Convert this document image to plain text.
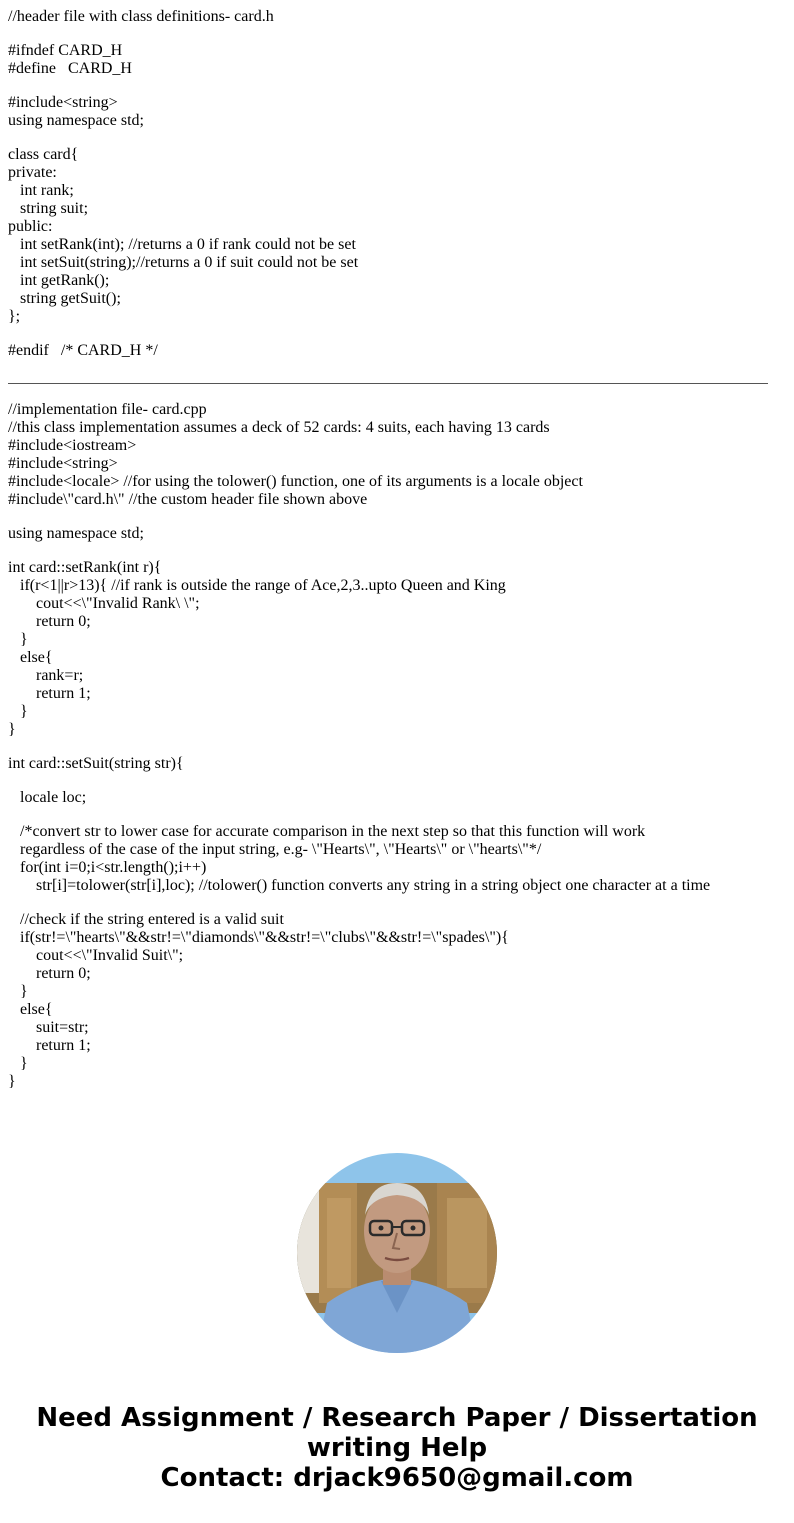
//header file with class definitions- card.h
#ifndef CARD_H
#define   CARD_H
#include<string>
using namespace std;
class card{
private:
int rank;
string suit;
public:
int setRank(int); //returns a 0 if rank could not be set
int setSuit(string);//returns a 0 if suit could not be set
int getRank();
string getSuit();
};
#endif   /* CARD_H */
//implementation file- card.cpp
//this class implementation assumes a deck of 52 cards: 4 suits, each having 13 cards
#include<iostream>
#include<string>
#include<locale> //for using the tolower() function, one of its arguments is a locale object
#include\"card.h\" //the custom header file shown above
using namespace std;
int card::setRank(int r){
if(r<1||r>13){ //if rank is outside the range of Ace,2,3..upto Queen and King
cout<<\"Invalid Rank\ \";
return 0;
}
else{
rank=r;
return 1;
}
}
int card::setSuit(string str){
locale loc;
/*convert str to lower case for accurate comparison in the next step so that this function will work
regardless of the case of the input string, e.g- \"Hearts\", \"Hearts\" or \"hearts\"*/
for(int i=0;i<str.length();i++)
str[i]=tolower(str[i],loc); //tolower() function converts any string in a string object one character at a time
//check if the string entered is a valid suit
if(str!=\"hearts\"&&str!=\"diamonds\"&&str!=\"clubs\"&&str!=\"spades\"){
cout<<\"Invalid Suit\";
return 0;
}
else{
suit=str;
return 1;
}
}
Need Assignment / Research Paper / Dissertation
writing Help
Contact: drjack9650@gmail.com
